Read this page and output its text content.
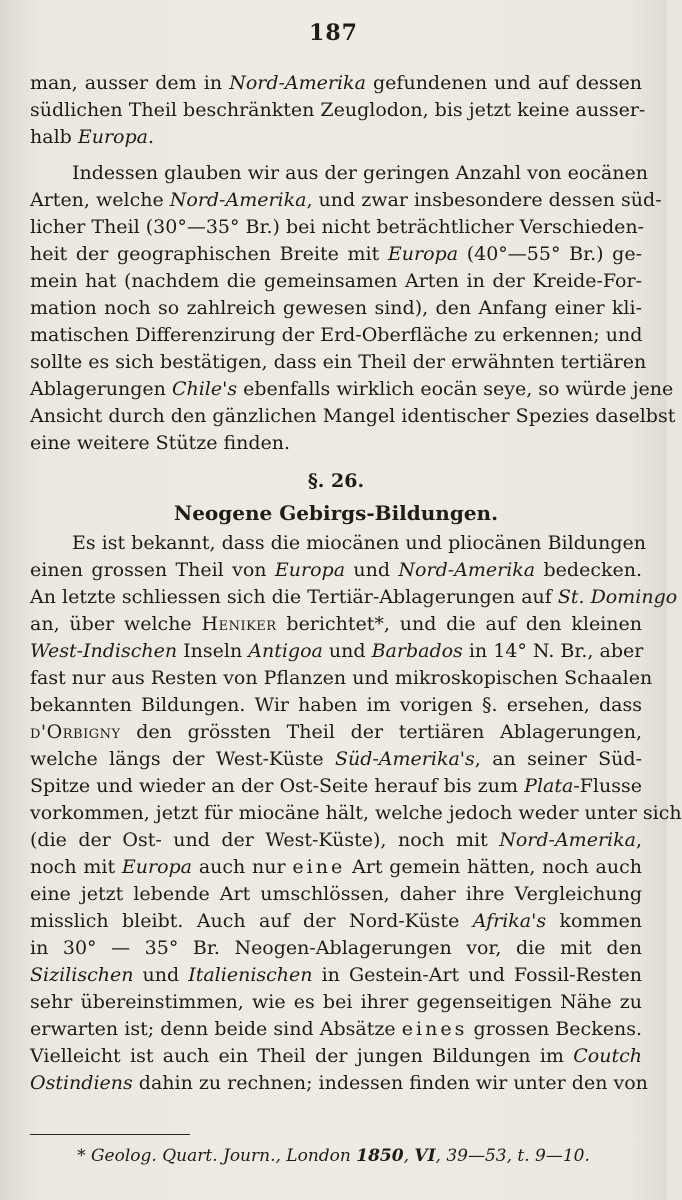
187
man, ausser dem in Nord-Amerika gefundenen und auf dessen
südlichen Theil beschränkten Zeuglodon, bis jetzt keine ausser-
halb Europa.
Indessen glauben wir aus der geringen Anzahl von eocänen
Arten, welche Nord-Amerika, und zwar insbesondere dessen süd-
licher Theil (30°—35° Br.) bei nicht beträchtlicher Verschieden-
heit der geographischen Breite mit Europa (40°—55° Br.) ge-
mein hat (nachdem die gemeinsamen Arten in der Kreide-For-
mation noch so zahlreich gewesen sind), den Anfang einer kli-
matischen Differenzirung der Erd-Oberfläche zu erkennen; und
sollte es sich bestätigen, dass ein Theil der erwähnten tertiären
Ablagerungen Chile's ebenfalls wirklich eocän seye, so würde jene
Ansicht durch den gänzlichen Mangel identischer Spezies daselbst
eine weitere Stütze finden.
§. 26.
Neogene Gebirgs-Bildungen.
Es ist bekannt, dass die miocänen und pliocänen Bildungen
einen grossen Theil von Europa und Nord-Amerika bedecken.
An letzte schliessen sich die Tertiär-Ablagerungen auf St. Domingo
an, über welche Heniker berichtet*, und die auf den kleinen
West-Indischen Inseln Antigoa und Barbados in 14° N. Br., aber
fast nur aus Resten von Pflanzen und mikroskopischen Schaalen
bekannten Bildungen. Wir haben im vorigen §. ersehen, dass
d'Orbigny den grössten Theil der tertiären Ablagerungen,
welche längs der West-Küste Süd-Amerika's, an seiner Süd-
Spitze und wieder an der Ost-Seite herauf bis zum Plata-Flusse
vorkommen, jetzt für miocäne hält, welche jedoch weder unter sich
(die der Ost- und der West-Küste), noch mit Nord-Amerika,
noch mit Europa auch nur eine Art gemein hätten, noch auch
eine jetzt lebende Art umschlössen, daher ihre Vergleichung
misslich bleibt. Auch auf der Nord-Küste Afrika's kommen
in 30° — 35° Br. Neogen-Ablagerungen vor, die mit den
Sizilischen und Italienischen in Gestein-Art und Fossil-Resten
sehr übereinstimmen, wie es bei ihrer gegenseitigen Nähe zu
erwarten ist; denn beide sind Absätze eines grossen Beckens.
Vielleicht ist auch ein Theil der jungen Bildungen im Coutch
Ostindiens dahin zu rechnen; indessen finden wir unter den von
* Geolog. Quart. Journ., London 1850, VI, 39—53, t. 9—10.
